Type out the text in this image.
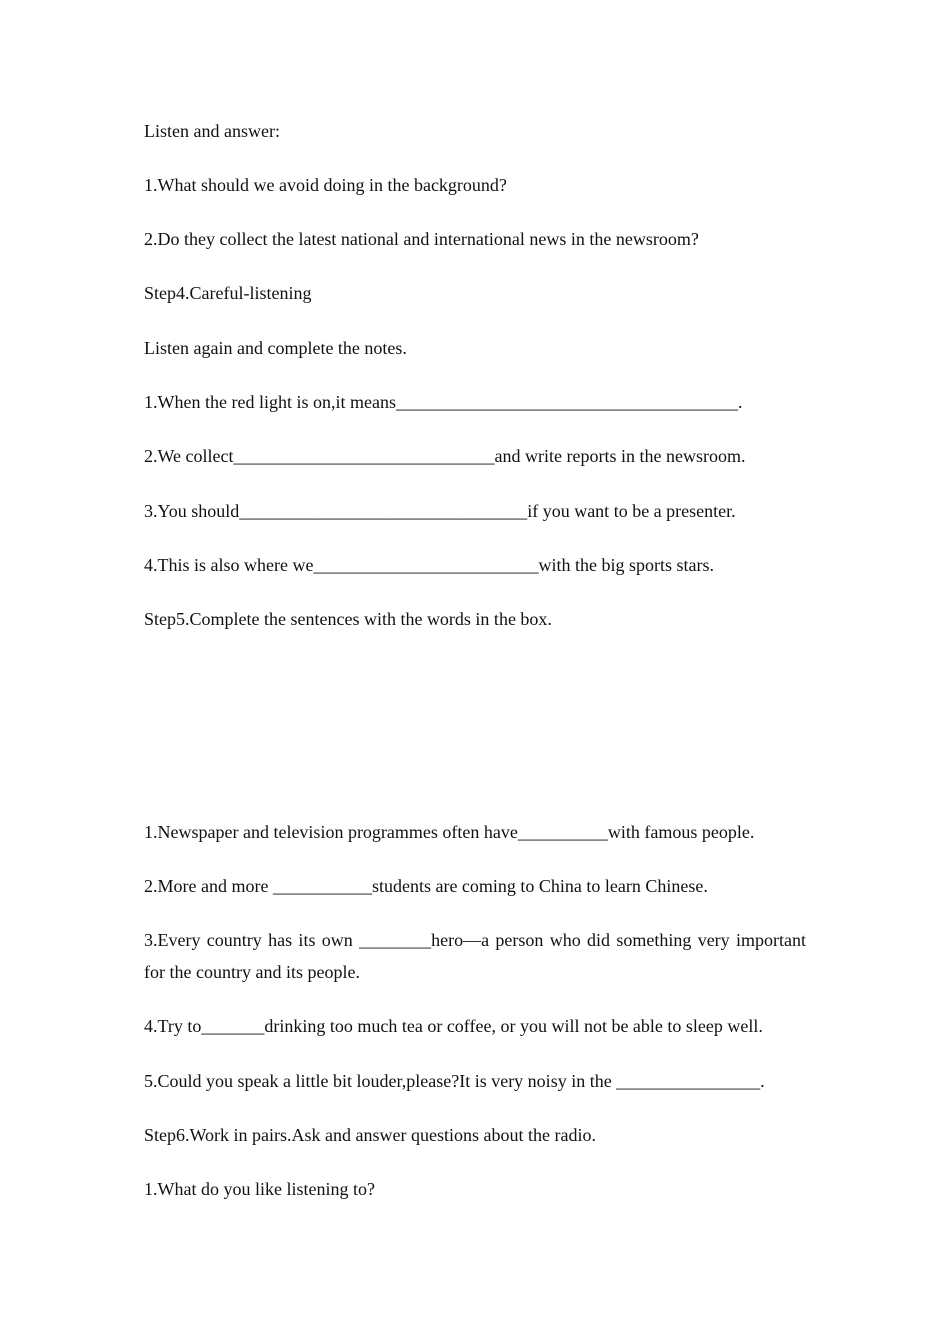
Listen and answer:
1.What should we avoid doing in the background?
2.Do they collect the latest national and international news in the newsroom?
Step4.Careful-listening
Listen again and complete the notes.
1.When the red light is on,it means______________________________________.
2.We collect_____________________________and write reports in the newsroom.
3.You should________________________________if you want to be a presenter.
4.This is also where we_________________________with the big sports stars.
Step5.Complete the sentences with the words in the box.
1.Newspaper and television programmes often have__________with famous people.
2.More and more ___________students are coming to China to learn Chinese.
3.Every country has its own ________hero—a person who did something very important for the country and its people.
4.Try to_______drinking too much tea or coffee, or you will not be able to sleep well.
5.Could you speak a little bit louder,please?It is very noisy in the ________________.
Step6.Work in pairs.Ask and answer questions about the radio.
1.What do you like listening to?
